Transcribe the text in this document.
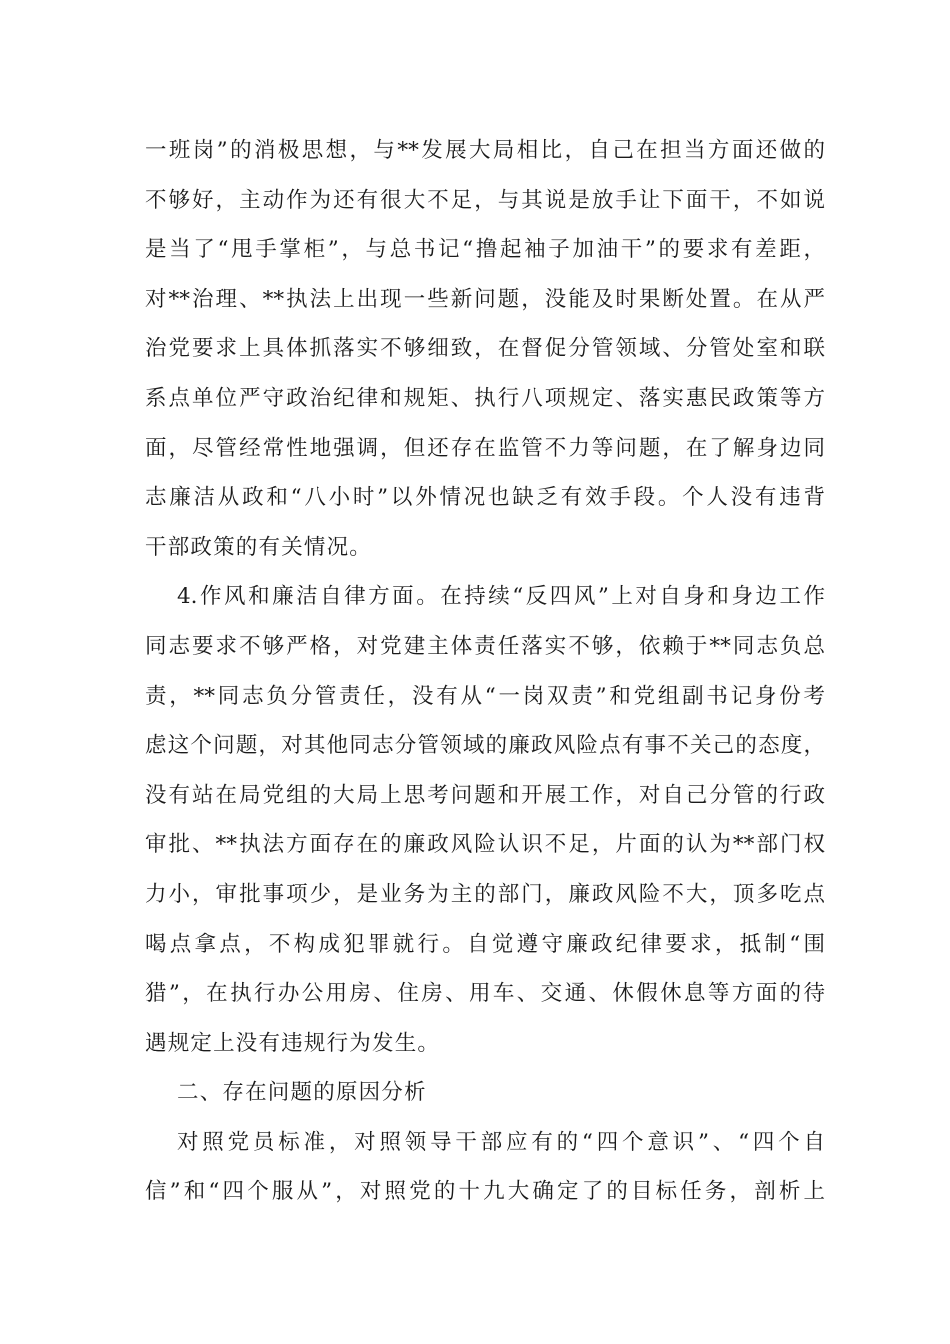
一班岗”的消极思想，与**发展大局相比，自己在担当方面还做的
不够好，主动作为还有很大不足，与其说是放手让下面干，不如说
是当了“甩手掌柜”，与总书记“撸起袖子加油干”的要求有差距，
对**治理、**执法上出现一些新问题，没能及时果断处置。在从严
治党要求上具体抓落实不够细致，在督促分管领域、分管处室和联
系点单位严守政治纪律和规矩、执行八项规定、落实惠民政策等方
面，尽管经常性地强调，但还存在监管不力等问题，在了解身边同
志廉洁从政和“八小时”以外情况也缺乏有效手段。个人没有违背
干部政策的有关情况。
4.作风和廉洁自律方面。在持续“反四风”上对自身和身边工作
同志要求不够严格，对党建主体责任落实不够，依赖于**同志负总
责，**同志负分管责任，没有从“一岗双责”和党组副书记身份考
虑这个问题，对其他同志分管领域的廉政风险点有事不关己的态度，
没有站在局党组的大局上思考问题和开展工作，对自己分管的行政
审批、**执法方面存在的廉政风险认识不足，片面的认为**部门权
力小，审批事项少，是业务为主的部门，廉政风险不大，顶多吃点
喝点拿点，不构成犯罪就行。自觉遵守廉政纪律要求，抵制“围
猎”，在执行办公用房、住房、用车、交通、休假休息等方面的待
遇规定上没有违规行为发生。
二、存在问题的原因分析
对照党员标准，对照领导干部应有的“四个意识”、“四个自
信”和“四个服从”，对照党的十九大确定了的目标任务，剖析上
